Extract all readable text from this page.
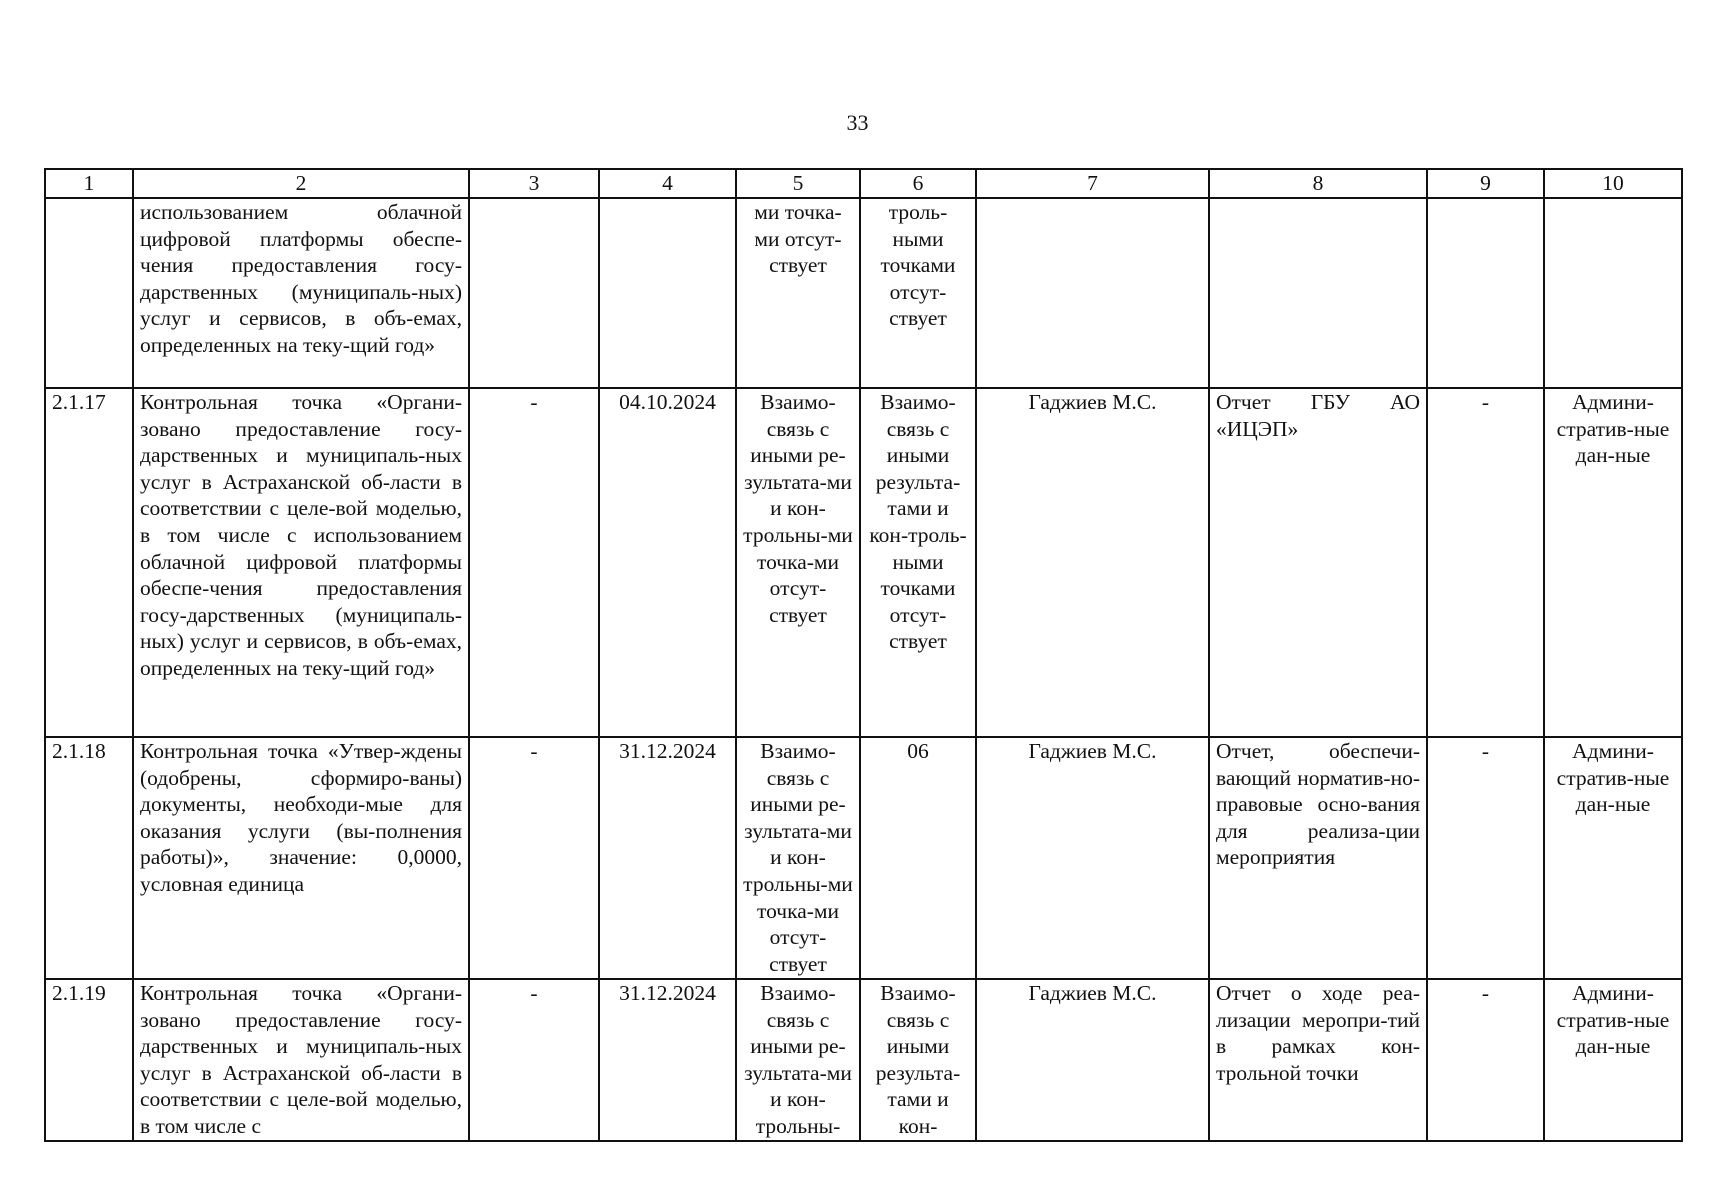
33
1	2	3	4	5	6	7	8	9	10
	использованием облачной цифровой платформы обеспе-чения предоставления госу-дарственных (муниципаль-ных) услуг и сервисов, в объ-емах, определенных на теку-щий год»			ми точка-ми отсут-ствует	троль-ными точками отсут-ствует				
2.1.17	Контрольная точка «Органи-зовано предоставление госу-дарственных и муниципаль-ных услуг в Астраханской об-ласти в соответствии с целе-вой моделью, в том числе с использованием облачной цифровой платформы обеспе-чения предоставления госу-дарственных (муниципаль-ных) услуг и сервисов, в объ-емах, определенных на теку-щий год»	-	04.10.2024	Взаимо-связь с иными ре-зультата-ми и кон-трольны-ми точка-ми отсут-ствует	Взаимо-связь с иными результа-тами и кон-троль-ными точками отсут-ствует	Гаджиев М.С.	Отчет ГБУ АО «ИЦЭП»	-	Админи-стратив-ные дан-ные
2.1.18	Контрольная точка «Утвер-ждены (одобрены, сформиро-ваны) документы, необходи-мые для оказания услуги (вы-полнения работы)», значение: 0,0000, условная единица	-	31.12.2024	Взаимо-связь с иными ре-зультата-ми и кон-трольны-ми точка-ми отсут-ствует	06	Гаджиев М.С.	Отчет, обеспечи-вающий норматив-но-правовые осно-вания для реализа-ции мероприятия	-	Админи-стратив-ные дан-ные
2.1.19	Контрольная точка «Органи-зовано предоставление госу-дарственных и муниципаль-ных услуг в Астраханской об-ласти в соответствии с целе-вой моделью, в том числе с	-	31.12.2024	Взаимо-связь с иными ре-зультата-ми и кон-трольны-	Взаимо-связь с иными результа-тами и кон-	Гаджиев М.С.	Отчет о ходе реа-лизации меропри-тий в рамках кон-трольной точки	-	Админи-стратив-ные дан-ные
